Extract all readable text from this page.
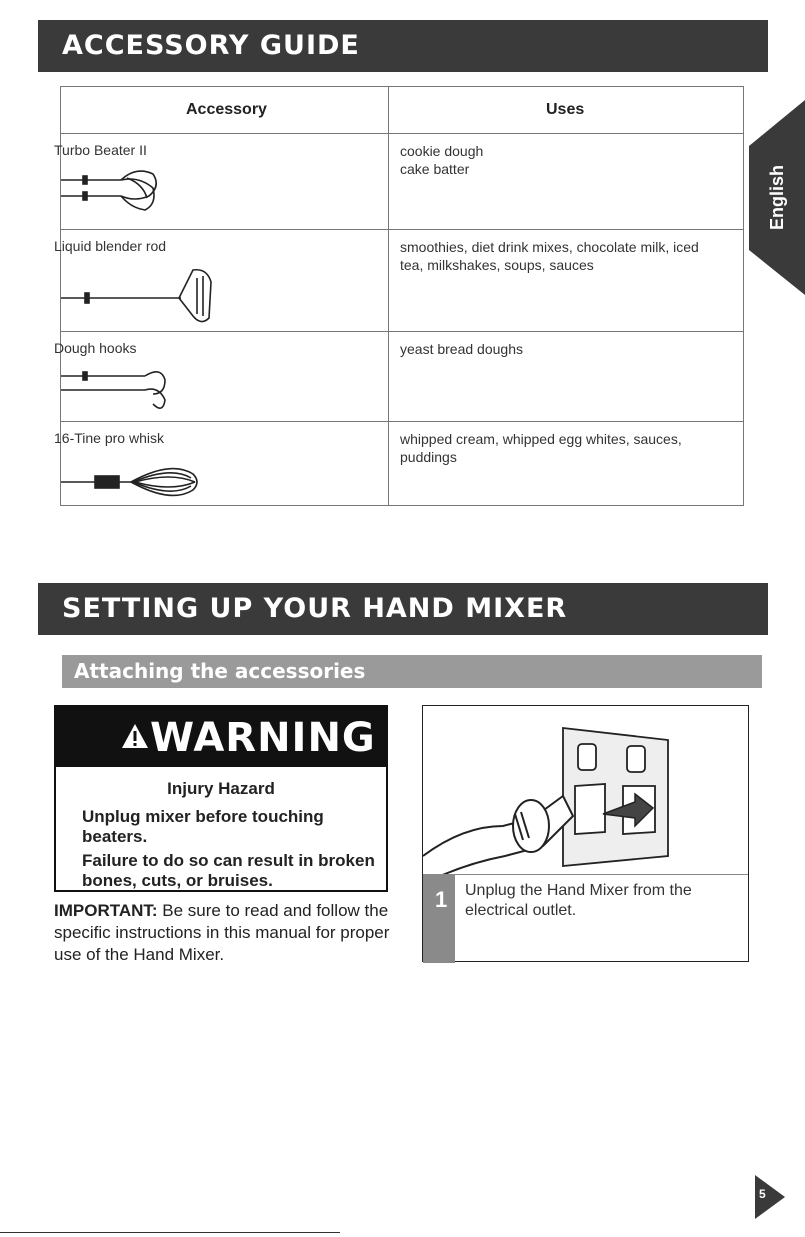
ACCESSORY GUIDE
Accessory	Uses
Turbo Beater II	cookie dough
cake batter
Liquid blender rod	smoothies, diet drink mixes, chocolate milk, iced tea, milkshakes, soups, sauces
Dough hooks	yeast bread doughs
16-Tine pro whisk	whipped cream, whipped egg whites, sauces, puddings
English
SETTING UP YOUR HAND MIXER
Attaching the accessories
WARNING
Injury Hazard
Unplug mixer before touching beaters.
Failure to do so can result in broken bones, cuts, or bruises.
IMPORTANT: Be sure to read and follow the specific instructions in this manual for proper use of the Hand Mixer.
1 Unplug the Hand Mixer from the electrical outlet.
5
